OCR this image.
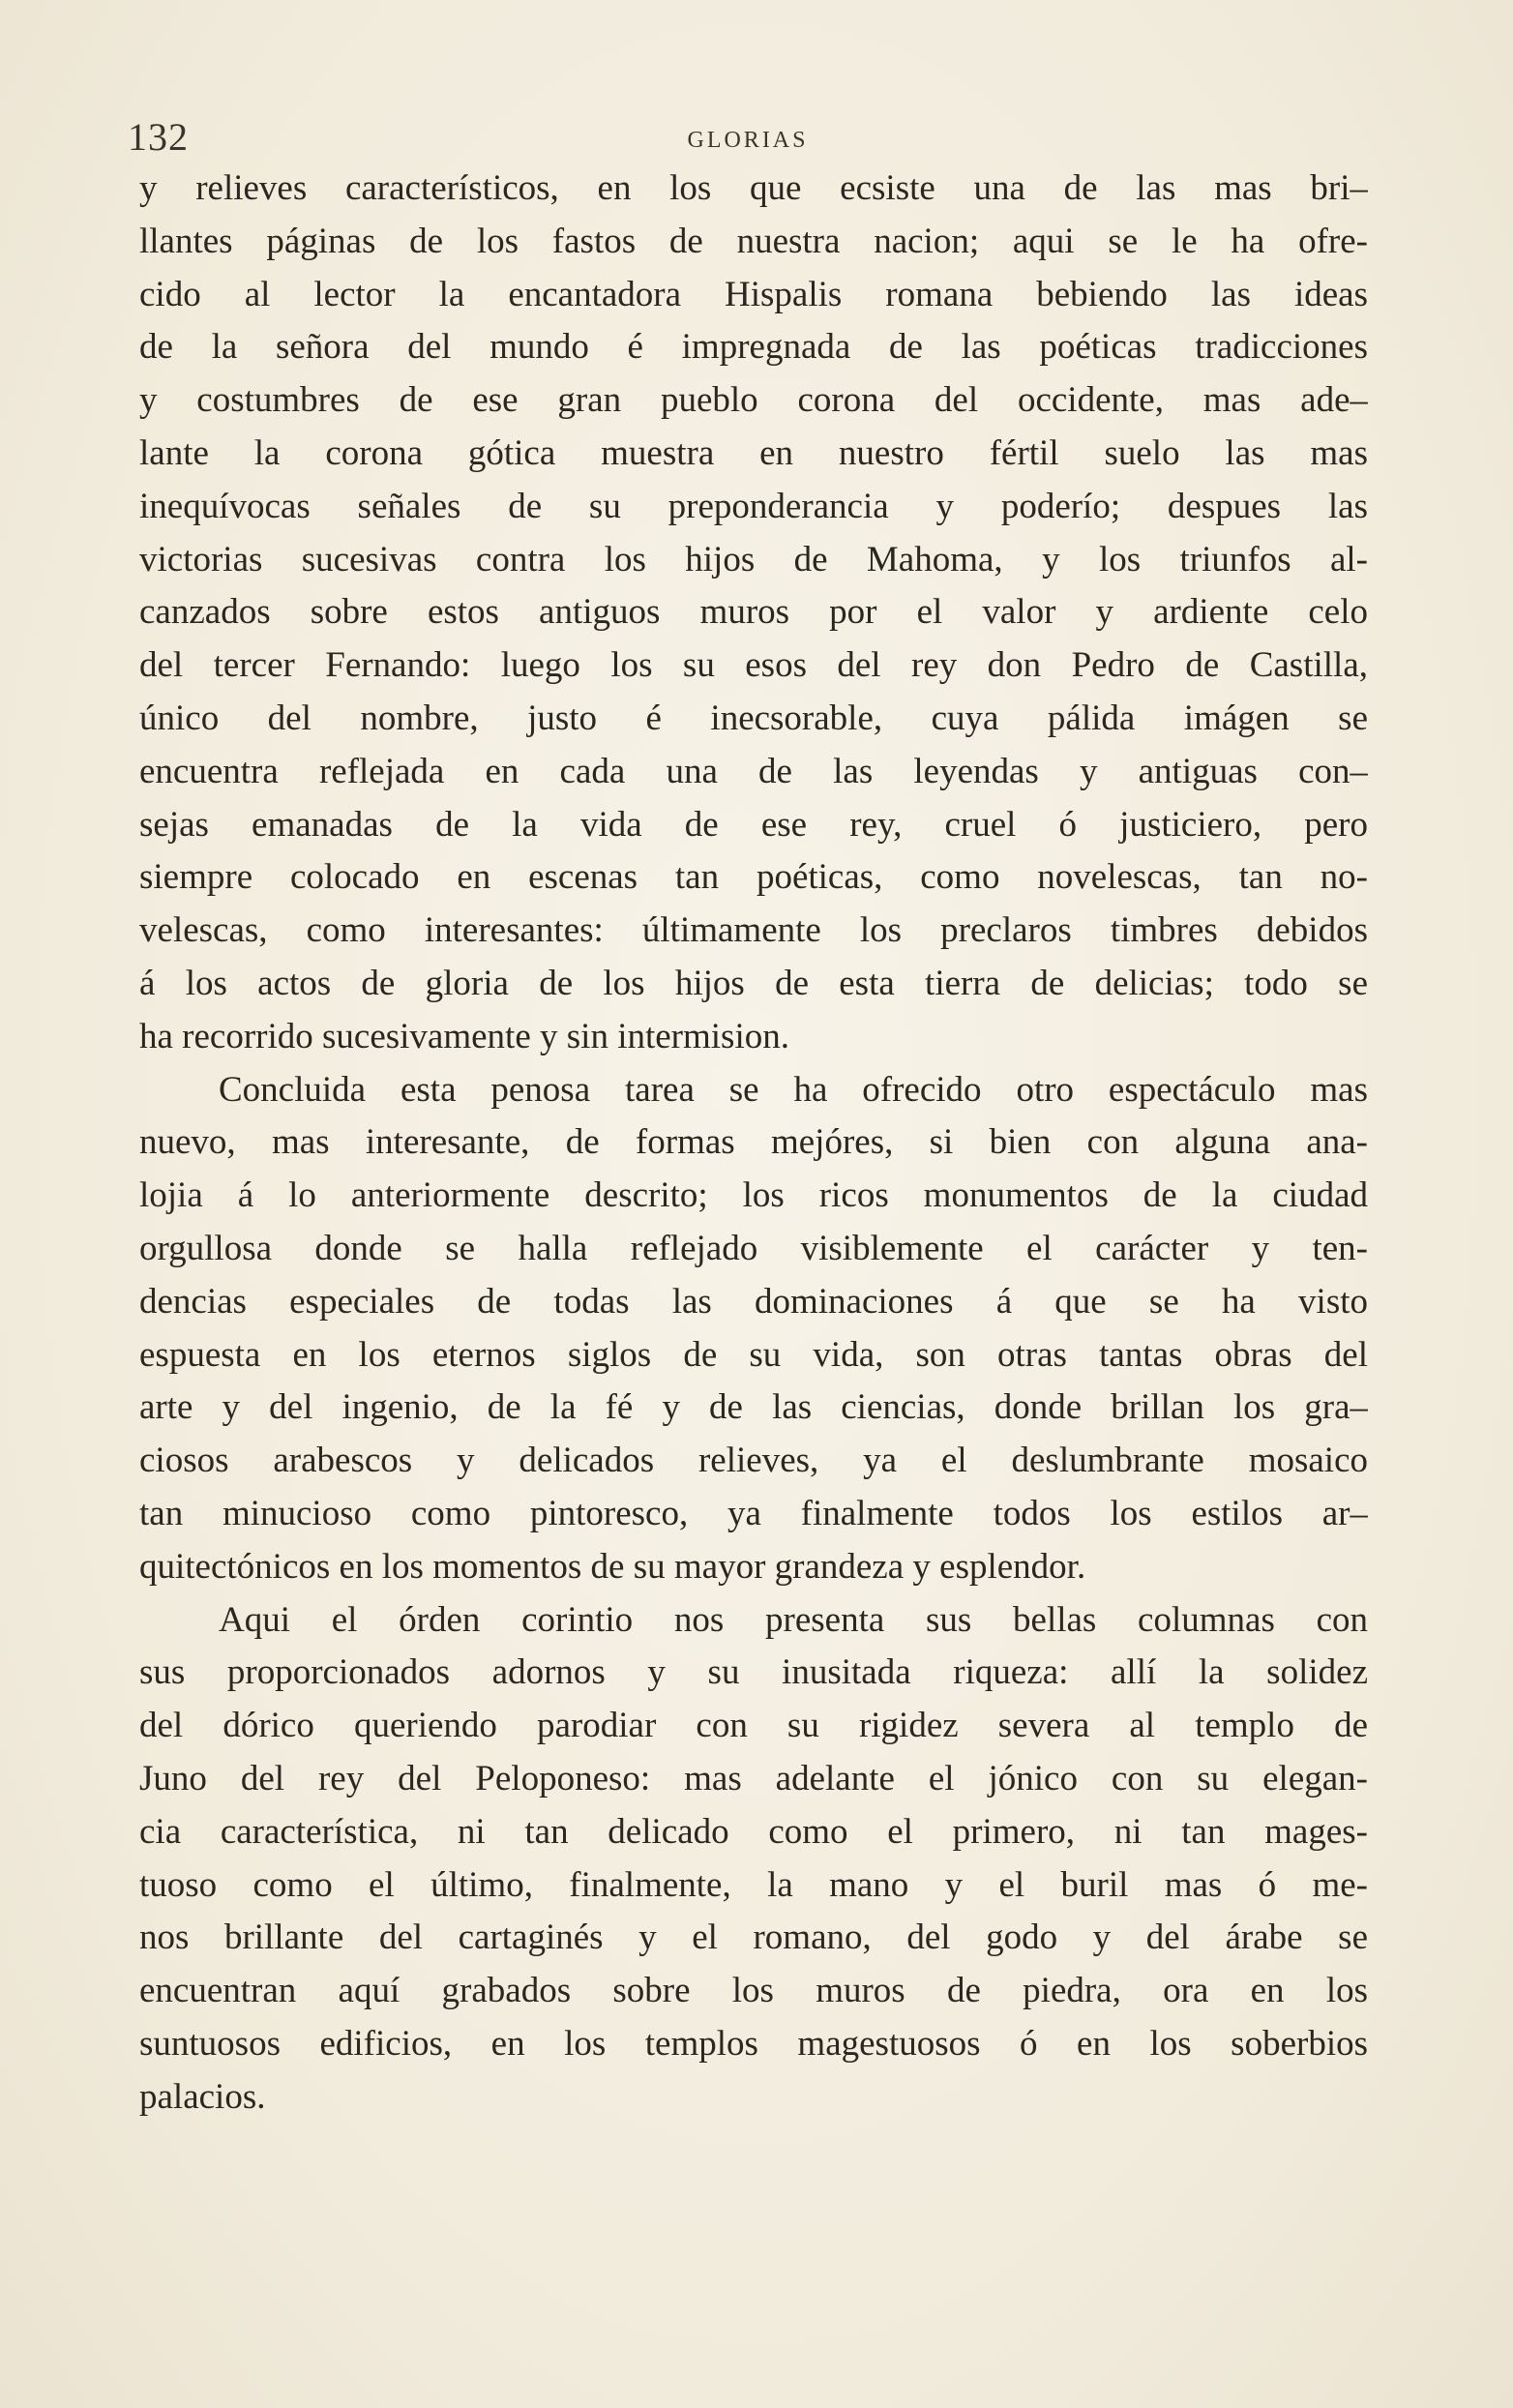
132	GLORIAS
y relieves característicos, en los que ecsiste una de las mas bri–
llantes páginas de los fastos de nuestra nacion; aqui se le ha ofre-
cido al lector la encantadora Hispalis romana bebiendo las ideas
de la señora del mundo é impregnada de las poéticas tradicciones
y costumbres de ese gran pueblo corona del occidente, mas ade–
lante la corona gótica muestra en nuestro fértil suelo las mas
inequívocas señales de su preponderancia y poderío; despues las
victorias sucesivas contra los hijos de Mahoma, y los triunfos al-
canzados sobre estos antiguos muros por el valor y ardiente celo
del tercer Fernando: luego los su esos del rey don Pedro de Castilla,
único del nombre, justo é inecsorable, cuya pálida imágen se
encuentra reflejada en cada una de las leyendas y antiguas con–
sejas emanadas de la vida de ese rey, cruel ó justiciero, pero
siempre colocado en escenas tan poéticas, como novelescas, tan no-
velescas, como interesantes: últimamente los preclaros timbres debidos
á los actos de gloria de los hijos de esta tierra de delicias; todo se
ha recorrido sucesivamente y sin intermision.
Concluida esta penosa tarea se ha ofrecido otro espectáculo mas
nuevo, mas interesante, de formas mejóres, si bien con alguna ana-
lojia á lo anteriormente descrito; los ricos monumentos de la ciudad
orgullosa donde se halla reflejado visiblemente el carácter y ten-
dencias especiales de todas las dominaciones á que se ha visto
espuesta en los eternos siglos de su vida, son otras tantas obras del
arte y del ingenio, de la fé y de las ciencias, donde brillan los gra–
ciosos arabescos y delicados relieves, ya el deslumbrante mosaico
tan minucioso como pintoresco, ya finalmente todos los estilos ar–
quitectónicos en los momentos de su mayor grandeza y esplendor.
Aqui el órden corintio nos presenta sus bellas columnas con
sus proporcionados adornos y su inusitada riqueza: allí la solidez
del dórico queriendo parodiar con su rigidez severa al templo de
Juno del rey del Peloponeso: mas adelante el jónico con su elegan-
cia característica, ni tan delicado como el primero, ni tan mages-
tuoso como el último, finalmente, la mano y el buril mas ó me-
nos brillante del cartaginés y el romano, del godo y del árabe se
encuentran aquí grabados sobre los muros de piedra, ora en los
suntuosos edificios, en los templos magestuosos ó en los soberbios
palacios.
